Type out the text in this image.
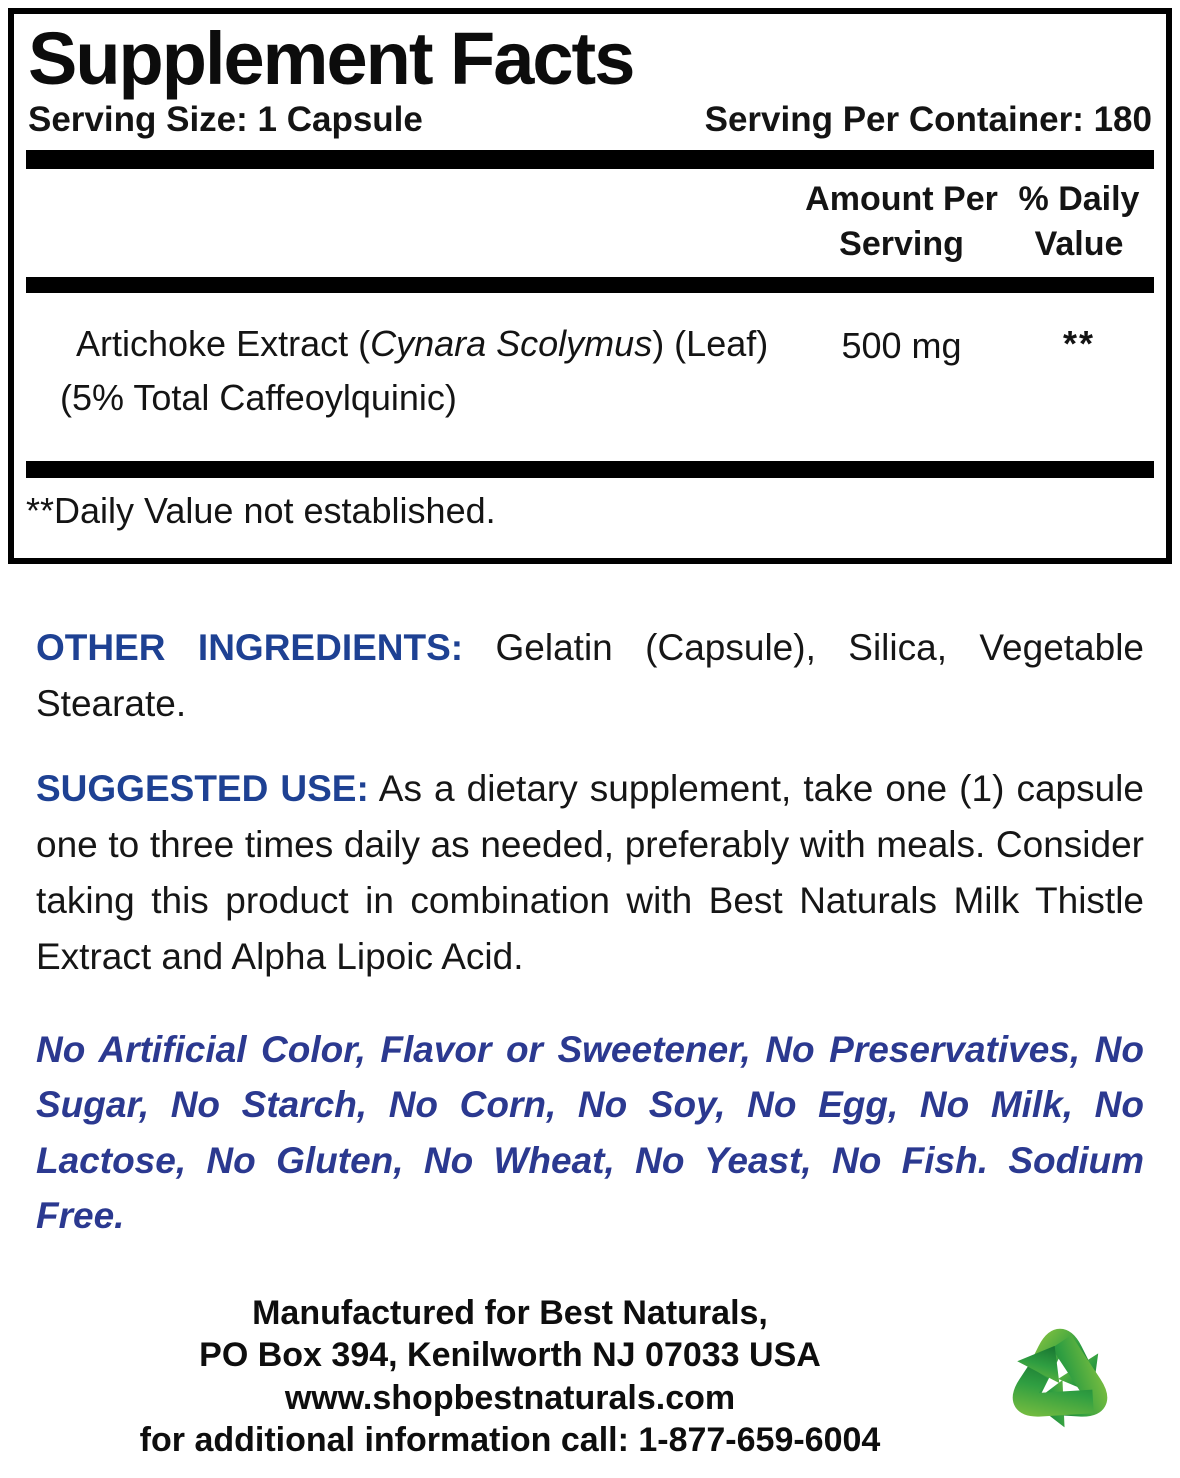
Supplement Facts
Serving Size: 1 Capsule	Serving Per Container: 180
Amount Per Serving
% Daily Value
Artichoke Extract (Cynara Scolymus) (Leaf)
(5% Total Caffeoylquinic)
500 mg	**
**Daily Value not established.

OTHER INGREDIENTS: Gelatin (Capsule), Silica, Vegetable Stearate.

SUGGESTED USE: As a dietary supplement, take one (1) capsule one to three times daily as needed, preferably with meals. Consider taking this product in combination with Best Naturals Milk Thistle Extract and Alpha Lipoic Acid.

No Artificial Color, Flavor or Sweetener, No Preservatives, No Sugar, No Starch, No Corn, No Soy, No Egg, No Milk, No Lactose, No Gluten, No Wheat, No Yeast, No Fish. Sodium Free.

Manufactured for Best Naturals,
PO Box 394, Kenilworth NJ 07033 USA
www.shopbestnaturals.com
for additional information call: 1-877-659-6004
